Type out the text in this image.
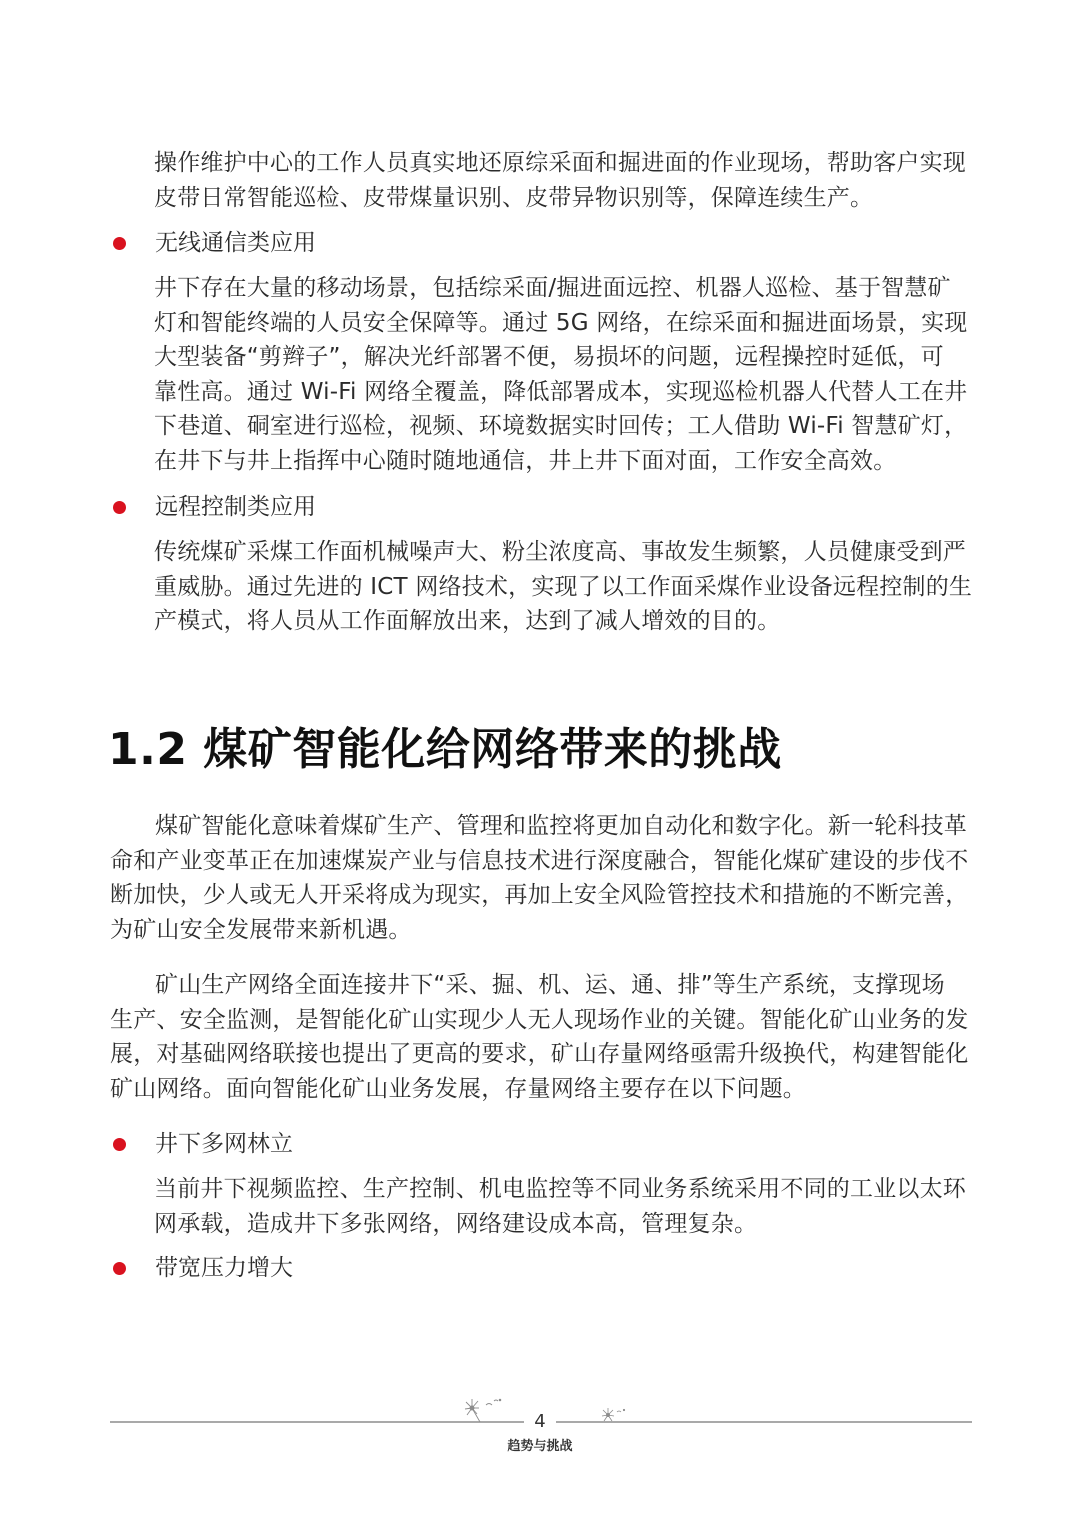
操作维护中心的工作人员真实地还原综采面和掘进面的作业现场，帮助客户实现
皮带日常智能巡检、皮带煤量识别、皮带异物识别等，保障连续生产。
无线通信类应用
井下存在大量的移动场景，包括综采面/掘进面远控、机器人巡检、基于智慧矿
灯和智能终端的人员安全保障等。通过 5G 网络，在综采面和掘进面场景，实现
大型装备“剪辫子”，解决光纤部署不便，易损坏的问题，远程操控时延低，可
靠性高。通过 Wi-Fi 网络全覆盖，降低部署成本，实现巡检机器人代替人工在井
下巷道、硐室进行巡检，视频、环境数据实时回传；工人借助 Wi-Fi 智慧矿灯，
在井下与井上指挥中心随时随地通信，井上井下面对面，工作安全高效。
远程控制类应用
传统煤矿采煤工作面机械噪声大、粉尘浓度高、事故发生频繁，人员健康受到严
重威胁。通过先进的 ICT 网络技术，实现了以工作面采煤作业设备远程控制的生
产模式，将人员从工作面解放出来，达到了减人增效的目的。
1.2 煤矿智能化给网络带来的挑战
煤矿智能化意味着煤矿生产、管理和监控将更加自动化和数字化。新一轮科技革
命和产业变革正在加速煤炭产业与信息技术进行深度融合，智能化煤矿建设的步伐不
断加快，少人或无人开采将成为现实，再加上安全风险管控技术和措施的不断完善，
为矿山安全发展带来新机遇。
矿山生产网络全面连接井下“采、掘、机、运、通、排”等生产系统，支撑现场
生产、安全监测，是智能化矿山实现少人无人现场作业的关键。智能化矿山业务的发
展，对基础网络联接也提出了更高的要求，矿山存量网络亟需升级换代，构建智能化
矿山网络。面向智能化矿山业务发展，存量网络主要存在以下问题。
井下多网林立
当前井下视频监控、生产控制、机电监控等不同业务系统采用不同的工业以太环
网承载，造成井下多张网络，网络建设成本高，管理复杂。
带宽压力增大
4
趋势与挑战
